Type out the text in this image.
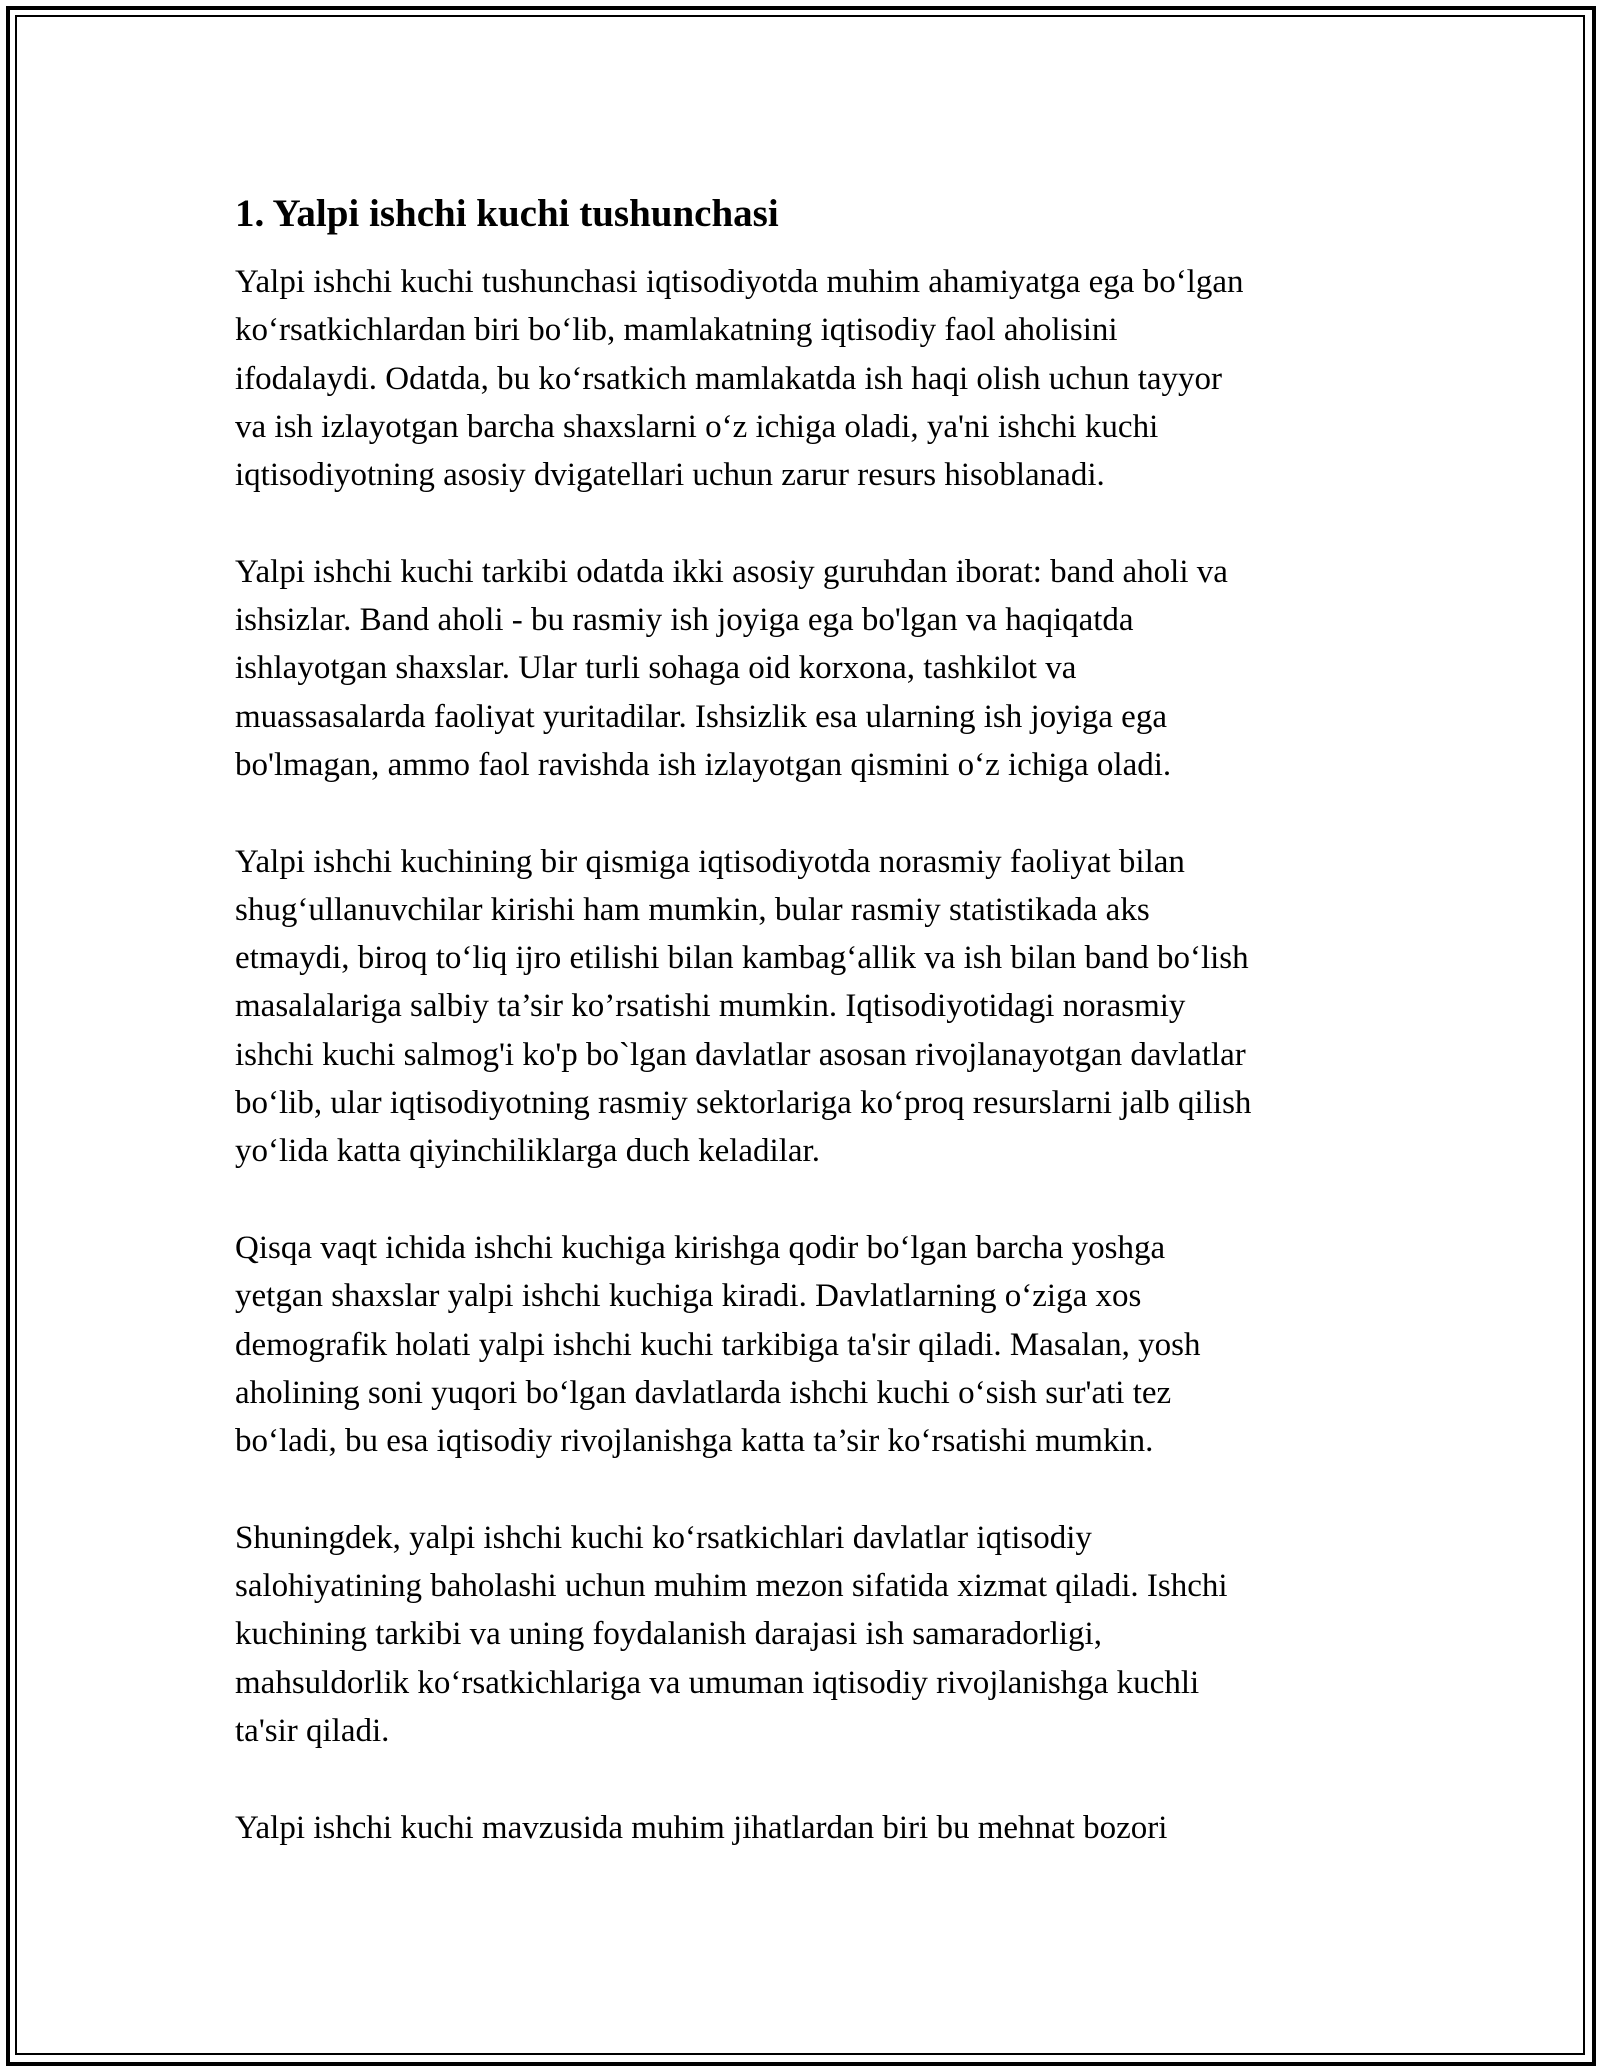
1. Yalpi ishchi kuchi tushunchasi

Yalpi ishchi kuchi tushunchasi iqtisodiyotda muhim ahamiyatga ega bo‘lgan
ko‘rsatkichlardan biri bo‘lib, mamlakatning iqtisodiy faol aholisini
ifodalaydi. Odatda, bu ko‘rsatkich mamlakatda ish haqi olish uchun tayyor
va ish izlayotgan barcha shaxslarni o‘z ichiga oladi, ya'ni ishchi kuchi
iqtisodiyotning asosiy dvigatellari uchun zarur resurs hisoblanadi.

Yalpi ishchi kuchi tarkibi odatda ikki asosiy guruhdan iborat: band aholi va
ishsizlar. Band aholi - bu rasmiy ish joyiga ega bo'lgan va haqiqatda
ishlayotgan shaxslar. Ular turli sohaga oid korxona, tashkilot va
muassasalarda faoliyat yuritadilar. Ishsizlik esa ularning ish joyiga ega
bo'lmagan, ammo faol ravishda ish izlayotgan qismini o‘z ichiga oladi.

Yalpi ishchi kuchining bir qismiga iqtisodiyotda norasmiy faoliyat bilan
shug‘ullanuvchilar kirishi ham mumkin, bular rasmiy statistikada aks
etmaydi, biroq to‘liq ijro etilishi bilan kambag‘allik va ish bilan band bo‘lish
masalalariga salbiy ta’sir ko’rsatishi mumkin. Iqtisodiyotidagi norasmiy
ishchi kuchi salmog'i ko'p bo`lgan davlatlar asosan rivojlanayotgan davlatlar
bo‘lib, ular iqtisodiyotning rasmiy sektorlariga ko‘proq resurslarni jalb qilish
yo‘lida katta qiyinchiliklarga duch keladilar.

Qisqa vaqt ichida ishchi kuchiga kirishga qodir bo‘lgan barcha yoshga
yetgan shaxslar yalpi ishchi kuchiga kiradi. Davlatlarning o‘ziga xos
demografik holati yalpi ishchi kuchi tarkibiga ta'sir qiladi. Masalan, yosh
aholining soni yuqori bo‘lgan davlatlarda ishchi kuchi o‘sish sur'ati tez
bo‘ladi, bu esa iqtisodiy rivojlanishga katta ta’sir ko‘rsatishi mumkin.

Shuningdek, yalpi ishchi kuchi ko‘rsatkichlari davlatlar iqtisodiy
salohiyatining baholashi uchun muhim mezon sifatida xizmat qiladi. Ishchi
kuchining tarkibi va uning foydalanish darajasi ish samaradorligi,
mahsuldorlik ko‘rsatkichlariga va umuman iqtisodiy rivojlanishga kuchli
ta'sir qiladi.

Yalpi ishchi kuchi mavzusida muhim jihatlardan biri bu mehnat bozori
